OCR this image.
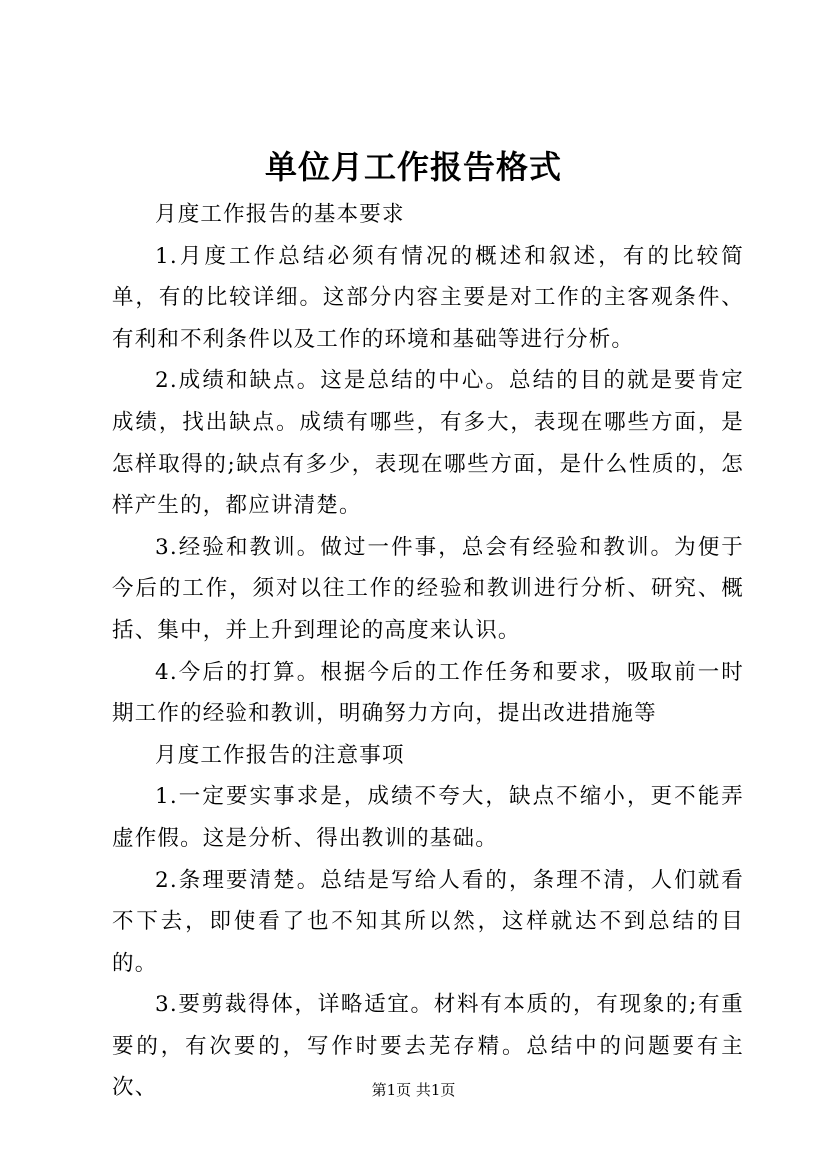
单位月工作报告格式

月度工作报告的基本要求

1.月度工作总结必须有情况的概述和叙述，有的比较简单，有的比较详细。这部分内容主要是对工作的主客观条件、有利和不利条件以及工作的环境和基础等进行分析。

2.成绩和缺点。这是总结的中心。总结的目的就是要肯定成绩，找出缺点。成绩有哪些，有多大，表现在哪些方面，是怎样取得的;缺点有多少，表现在哪些方面，是什么性质的，怎样产生的，都应讲清楚。

3.经验和教训。做过一件事，总会有经验和教训。为便于今后的工作，须对以往工作的经验和教训进行分析、研究、概括、集中，并上升到理论的高度来认识。

4.今后的打算。根据今后的工作任务和要求，吸取前一时期工作的经验和教训，明确努力方向，提出改进措施等

月度工作报告的注意事项

1.一定要实事求是，成绩不夸大，缺点不缩小，更不能弄虚作假。这是分析、得出教训的基础。

2.条理要清楚。总结是写给人看的，条理不清，人们就看不下去，即使看了也不知其所以然，这样就达不到总结的目的。

3.要剪裁得体，详略适宜。材料有本质的，有现象的;有重要的，有次要的，写作时要去芜存精。总结中的问题要有主次、	第1页 共1页
